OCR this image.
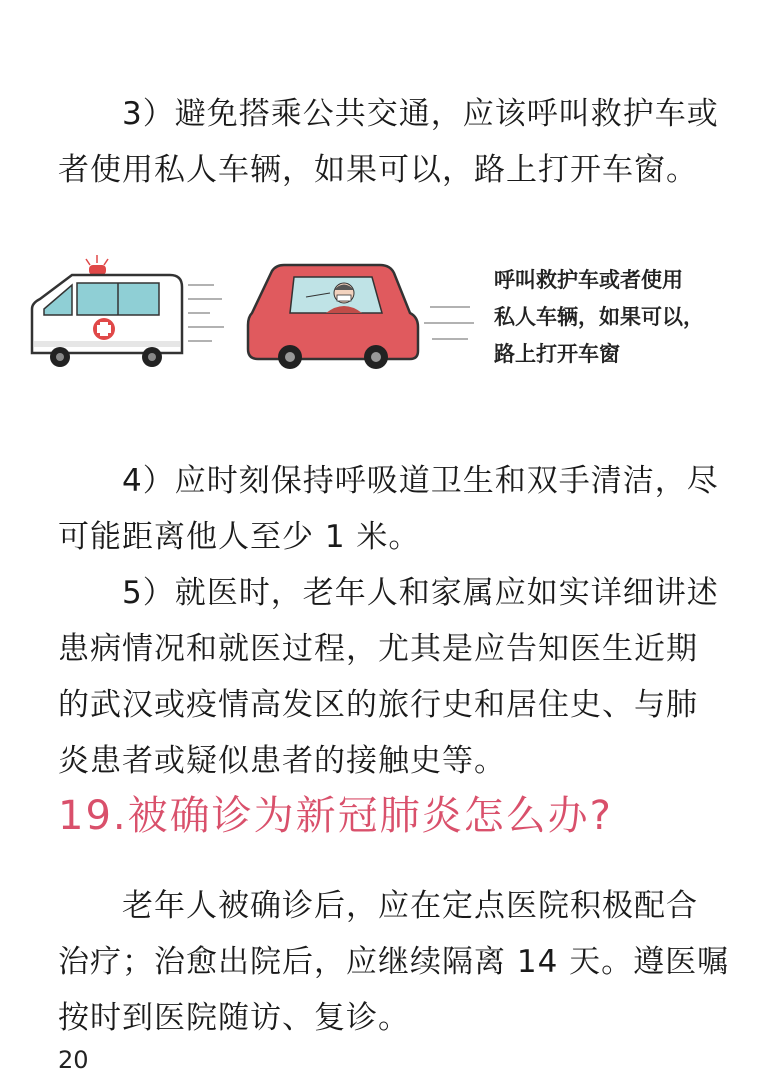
3）避免搭乘公共交通，应该呼叫救护车或
者使用私人车辆，如果可以，路上打开车窗。

呼叫救护车或者使用
私人车辆，如果可以，
路上打开车窗

4）应时刻保持呼吸道卫生和双手清洁，尽
可能距离他人至少 1 米。

5）就医时，老年人和家属应如实详细讲述
患病情况和就医过程，尤其是应告知医生近期
的武汉或疫情高发区的旅行史和居住史、与肺
炎患者或疑似患者的接触史等。

19.被确诊为新冠肺炎怎么办?

老年人被确诊后，应在定点医院积极配合
治疗；治愈出院后，应继续隔离 14 天。遵医嘱
按时到医院随访、复诊。

20
